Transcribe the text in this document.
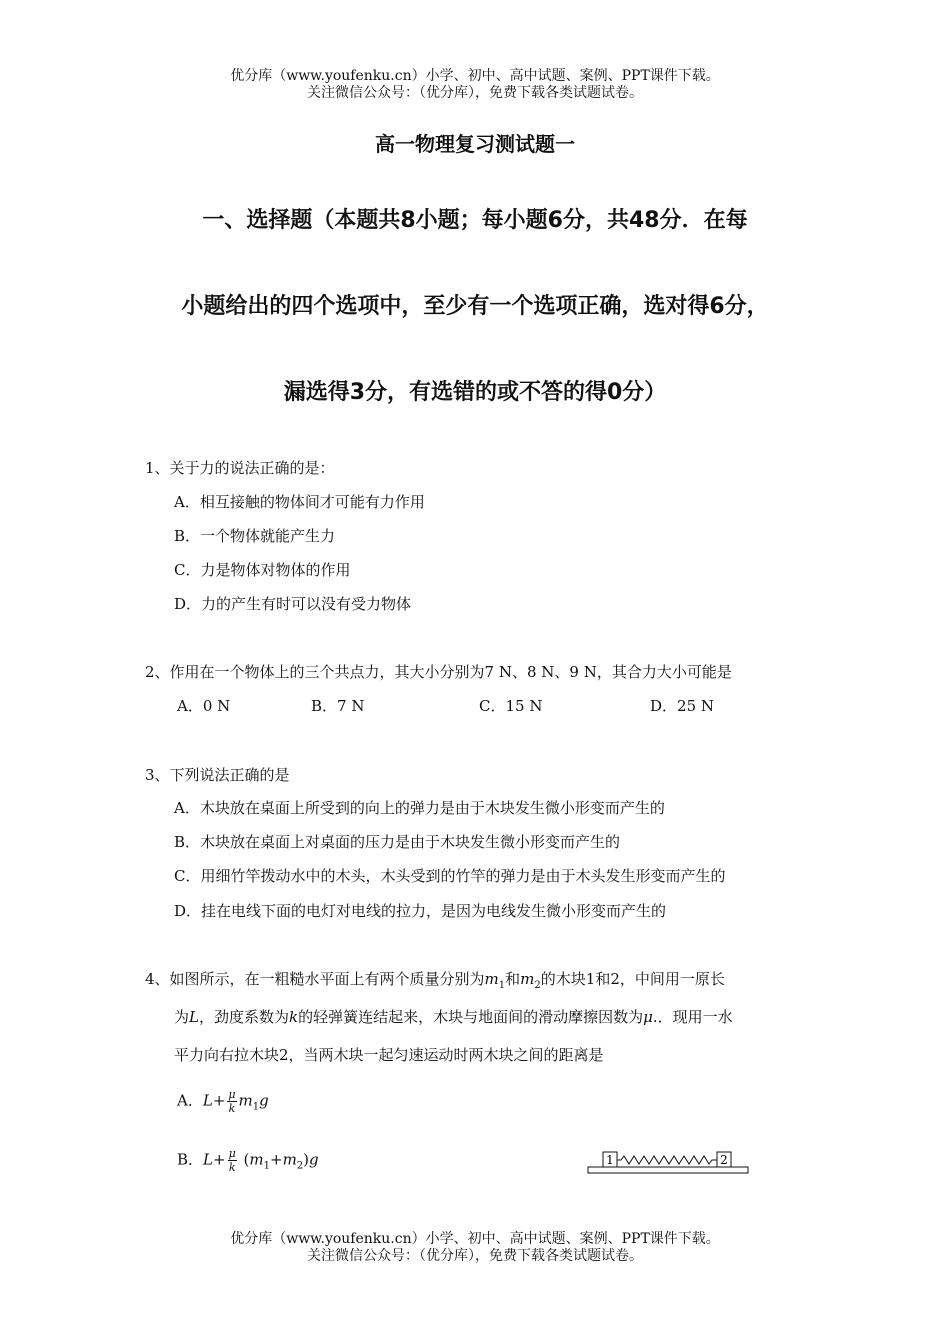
优分库（www.youfenku.cn）小学、初中、高中试题、案例、PPT课件下载。
关注微信公众号：（优分库），免费下载各类试题试卷。
高一物理复习测试题一
一、选择题（本题共8小题；每小题6分，共48分．在每
小题给出的四个选项中，至少有一个选项正确，选对得6分，
漏选得3分，有选错的或不答的得0分）
1、关于力的说法正确的是：
A．相互接触的物体间才可能有力作用
B．一个物体就能产生力
C．力是物体对物体的作用
D．力的产生有时可以没有受力物体
2、作用在一个物体上的三个共点力，其大小分别为7 N、8 N、9 N，其合力大小可能是
A．0 N	B．7 N	C．15 N	D．25 N
3、下列说法正确的是
A．木块放在桌面上所受到的向上的弹力是由于木块发生微小形变而产生的
B．木块放在桌面上对桌面的压力是由于木块发生微小形变而产生的
C．用细竹竿拨动水中的木头，木头受到的竹竿的弹力是由于木头发生形变而产生的
D．挂在电线下面的电灯对电线的拉力，是因为电线发生微小形变而产生的
4、如图所示，在一粗糙水平面上有两个质量分别为$m_1$和$m_2$的木块1和2，中间用一原长
为L，劲度系数为k的轻弹簧连结起来，木块与地面间的滑动摩擦因数为μ.．现用一水
平力向右拉木块2，当两木块一起匀速运动时两木块之间的距离是
A．$L+ \frac{\mu}{k} m_1g$
B．$L+ \frac{\mu}{k} (m_1+m_2)g$	1	2
优分库（www.youfenku.cn）小学、初中、高中试题、案例、PPT课件下载。
关注微信公众号：（优分库），免费下载各类试题试卷。
